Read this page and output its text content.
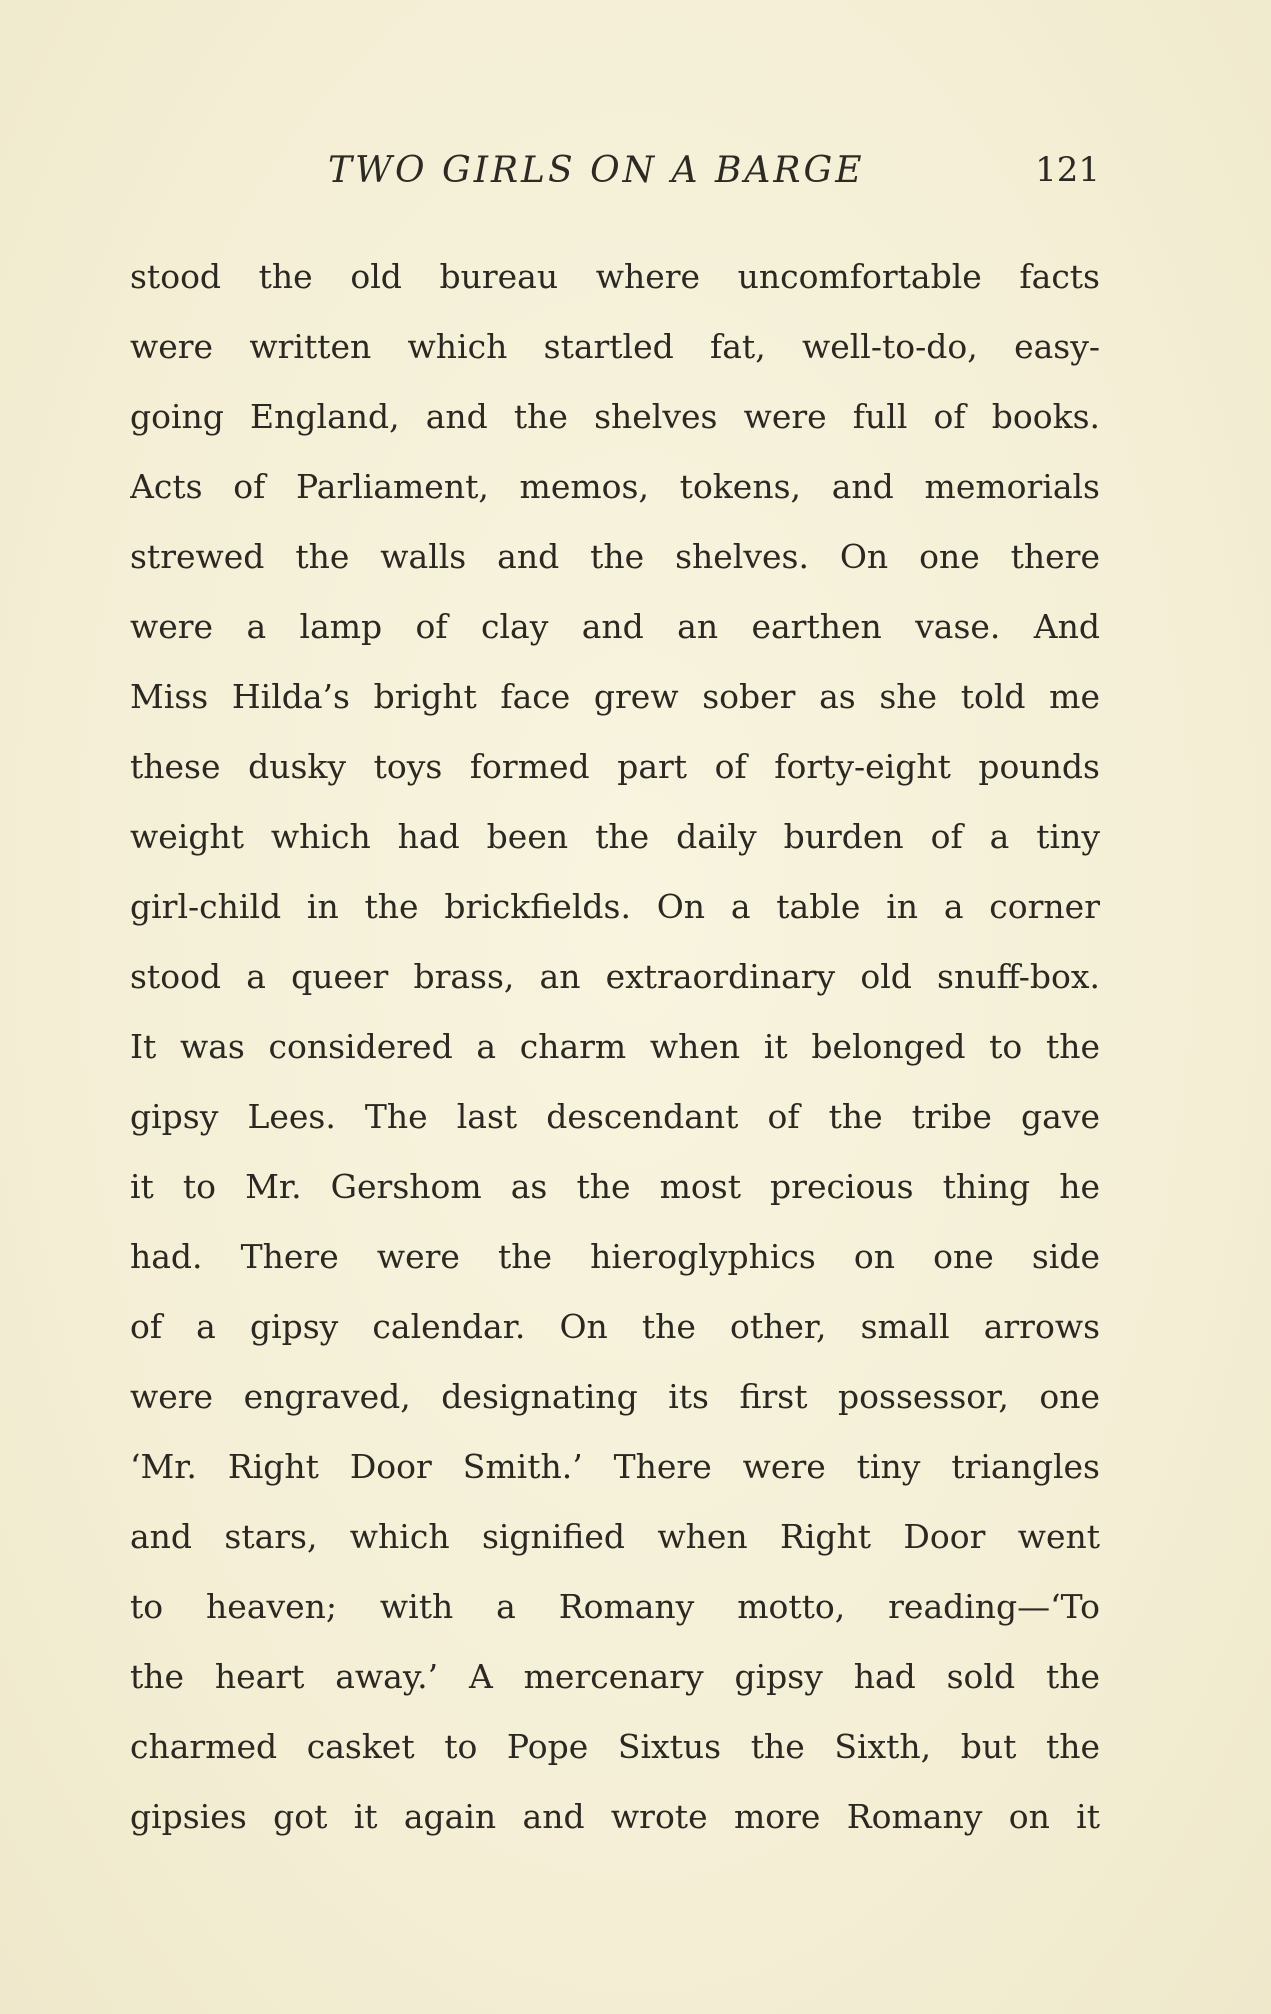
TWO GIRLS ON A BARGE	121
stood the old bureau where uncomfortable facts
were written which startled fat, well-to-do, easy-
going England, and the shelves were full of books.
Acts of Parliament, memos, tokens, and memorials
strewed the walls and the shelves. On one there
were a lamp of clay and an earthen vase. And
Miss Hilda’s bright face grew sober as she told me
these dusky toys formed part of forty-eight pounds
weight which had been the daily burden of a tiny
girl-child in the brickfields. On a table in a corner
stood a queer brass, an extraordinary old snuff-box.
It was considered a charm when it belonged to the
gipsy Lees. The last descendant of the tribe gave
it to Mr. Gershom as the most precious thing he
had. There were the hieroglyphics on one side
of a gipsy calendar. On the other, small arrows
were engraved, designating its first possessor, one
‘Mr. Right Door Smith.’ There were tiny triangles
and stars, which signified when Right Door went
to heaven; with a Romany motto, reading—‘To
the heart away.’ A mercenary gipsy had sold the
charmed casket to Pope Sixtus the Sixth, but the
gipsies got it again and wrote more Romany on it
